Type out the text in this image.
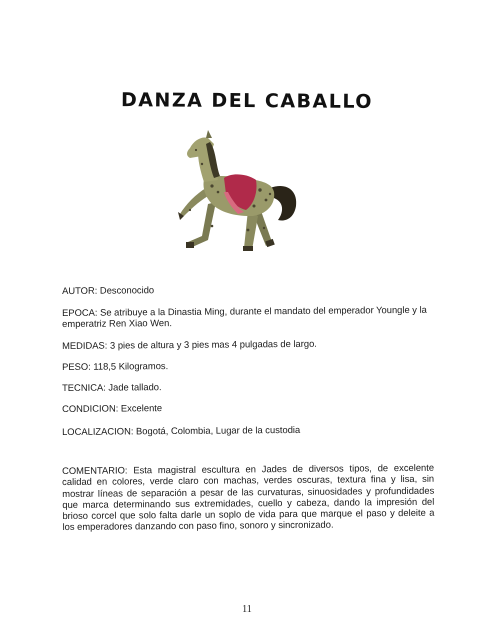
DANZA DEL CABALLO

AUTOR: Desconocido

EPOCA: Se atribuye a la Dinastia Ming, durante el mandato del emperador Youngle y la emperatriz Ren Xiao Wen.

MEDIDAS: 3 pies de altura y 3 pies mas 4 pulgadas de largo.

PESO: 118,5 Kilogramos.

TECNICA: Jade tallado.

CONDICION: Excelente

LOCALIZACION: Bogotá, Colombia, Lugar de la custodia

COMENTARIO: Esta magistral escultura en Jades de diversos tipos, de excelente calidad en colores, verde claro con machas, verdes oscuras, textura fina y lisa, sin mostrar líneas de separación a pesar de las curvaturas, sinuosidades y profundidades que marca determinando sus extremidades, cuello y cabeza, dando la impresión del brioso corcel que solo falta darle un soplo de vida para que marque el paso y deleite a los emperadores danzando con paso fino, sonoro y sincronizado.

11
